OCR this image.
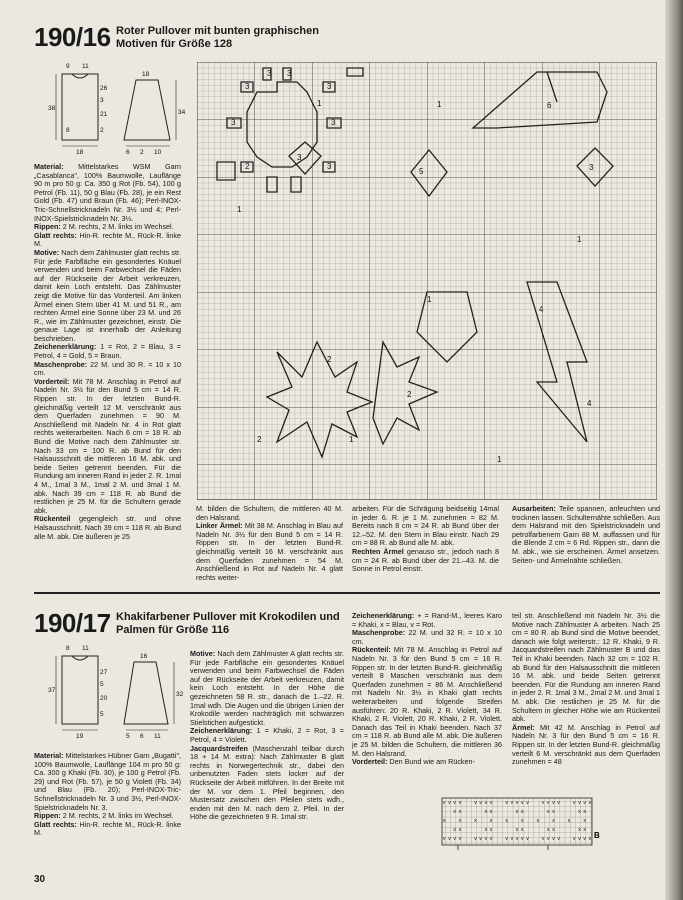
190/16 Roter Pullover mit bunten graphischen
Motiven für Größe 128
9 11
38
26
3
21
18
2
8
18
34
6 2 10
3 3
3	3
3	3
2	3
5
6
3
3
4
4
1
1
1
2
2
2
1
1
1
1

Material: Mittelstarkes WSM Garn „Casablanca", 100% Baumwolle, Lauflänge 90 m pro 50 g: Ca. 350 g Rot (Fb. 54), 100 g Petrol (Fb. 11), 50 g Blau (Fb. 28), je ein Rest Gold (Fb. 47) und Braun (Fb. 46); Perl-INOX-Tric-Schnellstricknadeln Nr. 3½ und 4; Perl-INOX-Spielstricknadeln Nr. 3½.

Rippen: 2 M. rechts, 2 M. links im Wechsel.

Glatt rechts: Hin-R. rechte M., Rück-R. linke M.

Motive: Nach dem Zählmuster glatt rechts str. Für jede Farbfläche ein gesondertes Knäuel verwenden und beim Farbwechsel die Fäden auf der Rückseite der Arbeit verkreuzen, damit kein Loch entsteht. Das Zählmuster zeigt die Motive für das Vorderteil. Am linken Ärmel einen Stern über 41 M. und 51 R., am rechten Ärmel eine Sonne über 23 M. und 26 R., wie im Zählmuster gezeichnet, einstr. Die genaue Lage ist innerhalb der Anleitung beschrieben.

Zeichenerklärung: 1 = Rot, 2 = Blau, 3 = Petrol, 4 = Gold, 5 = Braun.

Maschenprobe: 22 M. und 30 R. = 10 x 10 cm.

Vorderteil: Mit 78 M. Anschlag in Petrol auf Nadeln Nr. 3½ für den Bund 5 cm = 14 R. Rippen str. In der letzten Bund-R. gleichmäßig verteilt 12 M. verschränkt aus dem Querfaden zunehmen = 90 M. Anschließend mit Nadeln Nr. 4 in Rot glatt rechts weiterarbeiten. Nach 6 cm = 18 R. ab Bund die Motive nach dem Zählmuster str. Nach 33 cm = 100 R. ab Bund für den Halsausschnitt die mittleren 16 M. abk. und beide Seiten getrennt beenden. Für die Rundung am inneren Rand in jeder 2. R. 1mal 4 M., 1mal 3 M., 1mal 2 M. und 3mal 1 M. abk. Nach 39 cm = 118 R. ab Bund die restlichen je 25 M. für die Schultern gerade abk.

Rückenteil gegengleich str. und ohne Halsausschnitt. Nach 39 cm = 118 R. ab Bund alle M. abk. Die äußeren je 25

M. bilden die Schultern, die mittleren 40 M. den Halsrand.

Linker Ärmel: Mit 38 M. Anschlag in Blau auf Nadeln Nr. 3½ für den Bund 5 cm = 14 R. Rippen str. In der letzten Bund-R. gleichmäßig verteilt 16 M. verschränkt aus dem Querfaden zunehmen = 54 M. Anschließend in Rot auf Nadeln Nr. 4 glatt rechts weiter-

arbeiten. Für die Schrägung beidseitig 14mal in jeder 6. R. je 1 M. zunehmen = 82 M. Bereits nach 8 cm = 24 R. ab Bund über der 12.–52. M. den Stern in Blau einstr. Nach 29 cm = 88 R. ab Bund alle M. abk.

Rechten Ärmel genauso str., jedoch nach 8 cm = 24 R. ab Bund über der 21.–43. M. die Sonne in Petrol einstr.

Ausarbeiten: Teile spannen, anfeuchten und trocknen lassen. Schulternähte schließen. Aus dem Halsrand mit den Spielstricknadeln und petrolfarbenem Garn 88 M. auffassen und für die Blende 2 cm = 6 Rd. Rippen str., dann die M. abk., wie sie erscheinen. Ärmel ansetzen. Seiten- und Ärmelnähte schließen.

190/17 Khakifarbener Pullover mit Krokodilen und
Palmen für Größe 116
8 11
37
27
5
20
19
5
16
32
5 6 11

Material: Mittelstarkes Hübner Garn „Bugatti", 100% Baumwolle, Lauflänge 104 m pro 50 g: Ca. 300 g Khaki (Fb. 30), je 100 g Petrol (Fb. 29) und Rot (Fb. 57), je 50 g Violett (Fb. 34) und Blau (Fb. 20); Perl-INOX-Tric-Schnellstricknadeln Nr. 3 und 3½, Perl-INOX-Spielstricknadeln Nr. 3.

Rippen: 2 M. rechts, 2 M. links im Wechsel.

Glatt rechts: Hin-R. rechte M., Rück-R. linke M.

Motive: Nach dem Zählmuster A glatt rechts str. Für jede Farbfläche ein gesondertes Knäuel verwenden und beim Farbwechsel die Fäden auf der Rückseite der Arbeit verkreuzen, damit kein Loch entsteht. In der Höhe die gezeichneten 58 R. str., danach die 1.–22. R. 1mal wdh. Die Augen und die übrigen Linien der Krokodile werden nachträglich mit schwarzen Stielstichen aufgestickt.

Zeichenerklärung: 1 = Khaki, 2 = Rot, 3 = Petrol, 4 = Violett.

Jacquardstreifen (Maschenzahl teilbar durch 18 + 14 M. extra): Nach Zählmuster B glatt rechts in Norwegertechnik str., dabei den unbenutzten Faden stets locker auf der Rückseite der Arbeit mitführen. In der Breite mit der M. vor dem 1. Pfeil beginnen, den Mustersatz zwischen den Pfeilen stets wdh., enden mit den M. nach dem 2. Pfeil. In der Höhe die gezeichneten 9 R. 1mal str.

Zeichenerklärung: + = Rand-M., leeres Karo = Khaki, x = Blau, v = Rot.

Maschenprobe: 22 M. und 32 R. = 10 x 10 cm.

Rückenteil: Mit 78 M. Anschlag in Petrol auf Nadeln Nr. 3 für den Bund 5 cm = 16 R. Rippen str. In der letzten Bund-R. gleichmäßig verteilt 8 Maschen verschränkt aus dem Querfaden zunehmen = 86 M. Anschließend mit Nadeln Nr. 3½ in Khaki glatt rechts weiterarbeiten und folgende Streifen ausführen: 20 R. Khaki, 2 R. Violett, 34 R. Khaki, 2 R. Violett, 20 R. Khaki, 2 R. Violett. Danach das Teil in Khaki beenden. Nach 37 cm = 118 R. ab Bund alle M. abk. Die äußeren je 25 M. bilden die Schultern, die mittleren 36 M. den Halsrand.

Vorderteil: Den Bund wie am Rücken-

teil str. Anschließend mit Nadeln Nr. 3½ die Motive nach Zählmuster A arbeiten. Nach 25 cm = 80 R. ab Bund sind die Motive beendet, danach wie folgt weiterstr.: 12 R. Khaki, 9 R. Jacquardstreifen nach Zählmuster B und das Teil in Khaki beenden. Nach 32 cm = 102 R. ab Bund für den Halsausschnitt die mittleren 16 M. abk. und beide Seiten getrennt beenden. Für die Rundung am inneren Rand in jeder 2. R. 1mal 3 M., 2mal 2 M. und 3mal 1 M. abk. Die restlichen je 25 M. für die Schultern in gleicher Höhe wie am Rückenteil abk.

Ärmel: Mit 42 M. Anschlag in Petrol auf Nadeln Nr. 3 für den Bund 5 cm = 16 R. Rippen str. In der letzten Bund-R. gleichmäßig verteilt 6 M. verschränkt aus dem Querfaden zunehmen = 48

v v v v	v v v v	v v v v v	v v v v	v v v v
x x	x x	x x	x x	x x
x	x	x	x	x	x	x	x	x	x
x x	x x	x x	x x	x x
v v v v	v v v v	v v v v v	v v v v	v v v v B
30
